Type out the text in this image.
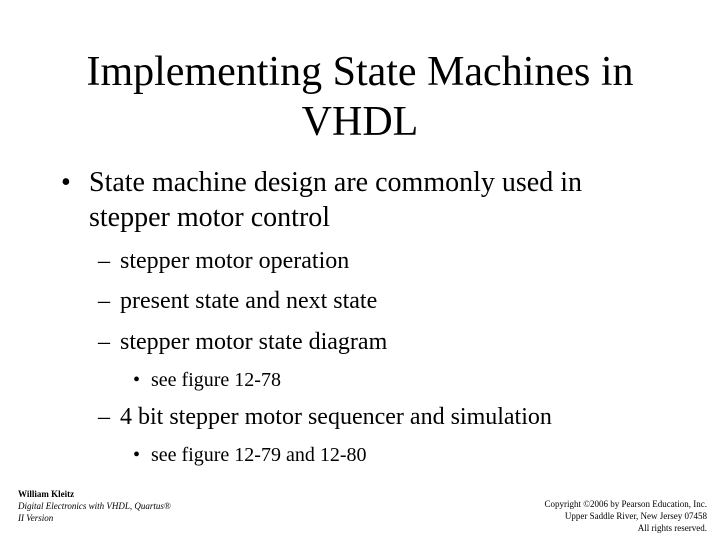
Implementing State Machines in
VHDL
• State machine design are commonly used in
stepper motor control
– stepper motor operation
– present state and next state
– stepper motor state diagram
• see figure 12-78
– 4 bit stepper motor sequencer and simulation
• see figure 12-79 and 12-80
William Kleitz
Digital Electronics with VHDL, Quartus®
II Version
Copyright ©2006 by Pearson Education, Inc.
Upper Saddle River, New Jersey 07458
All rights reserved.
